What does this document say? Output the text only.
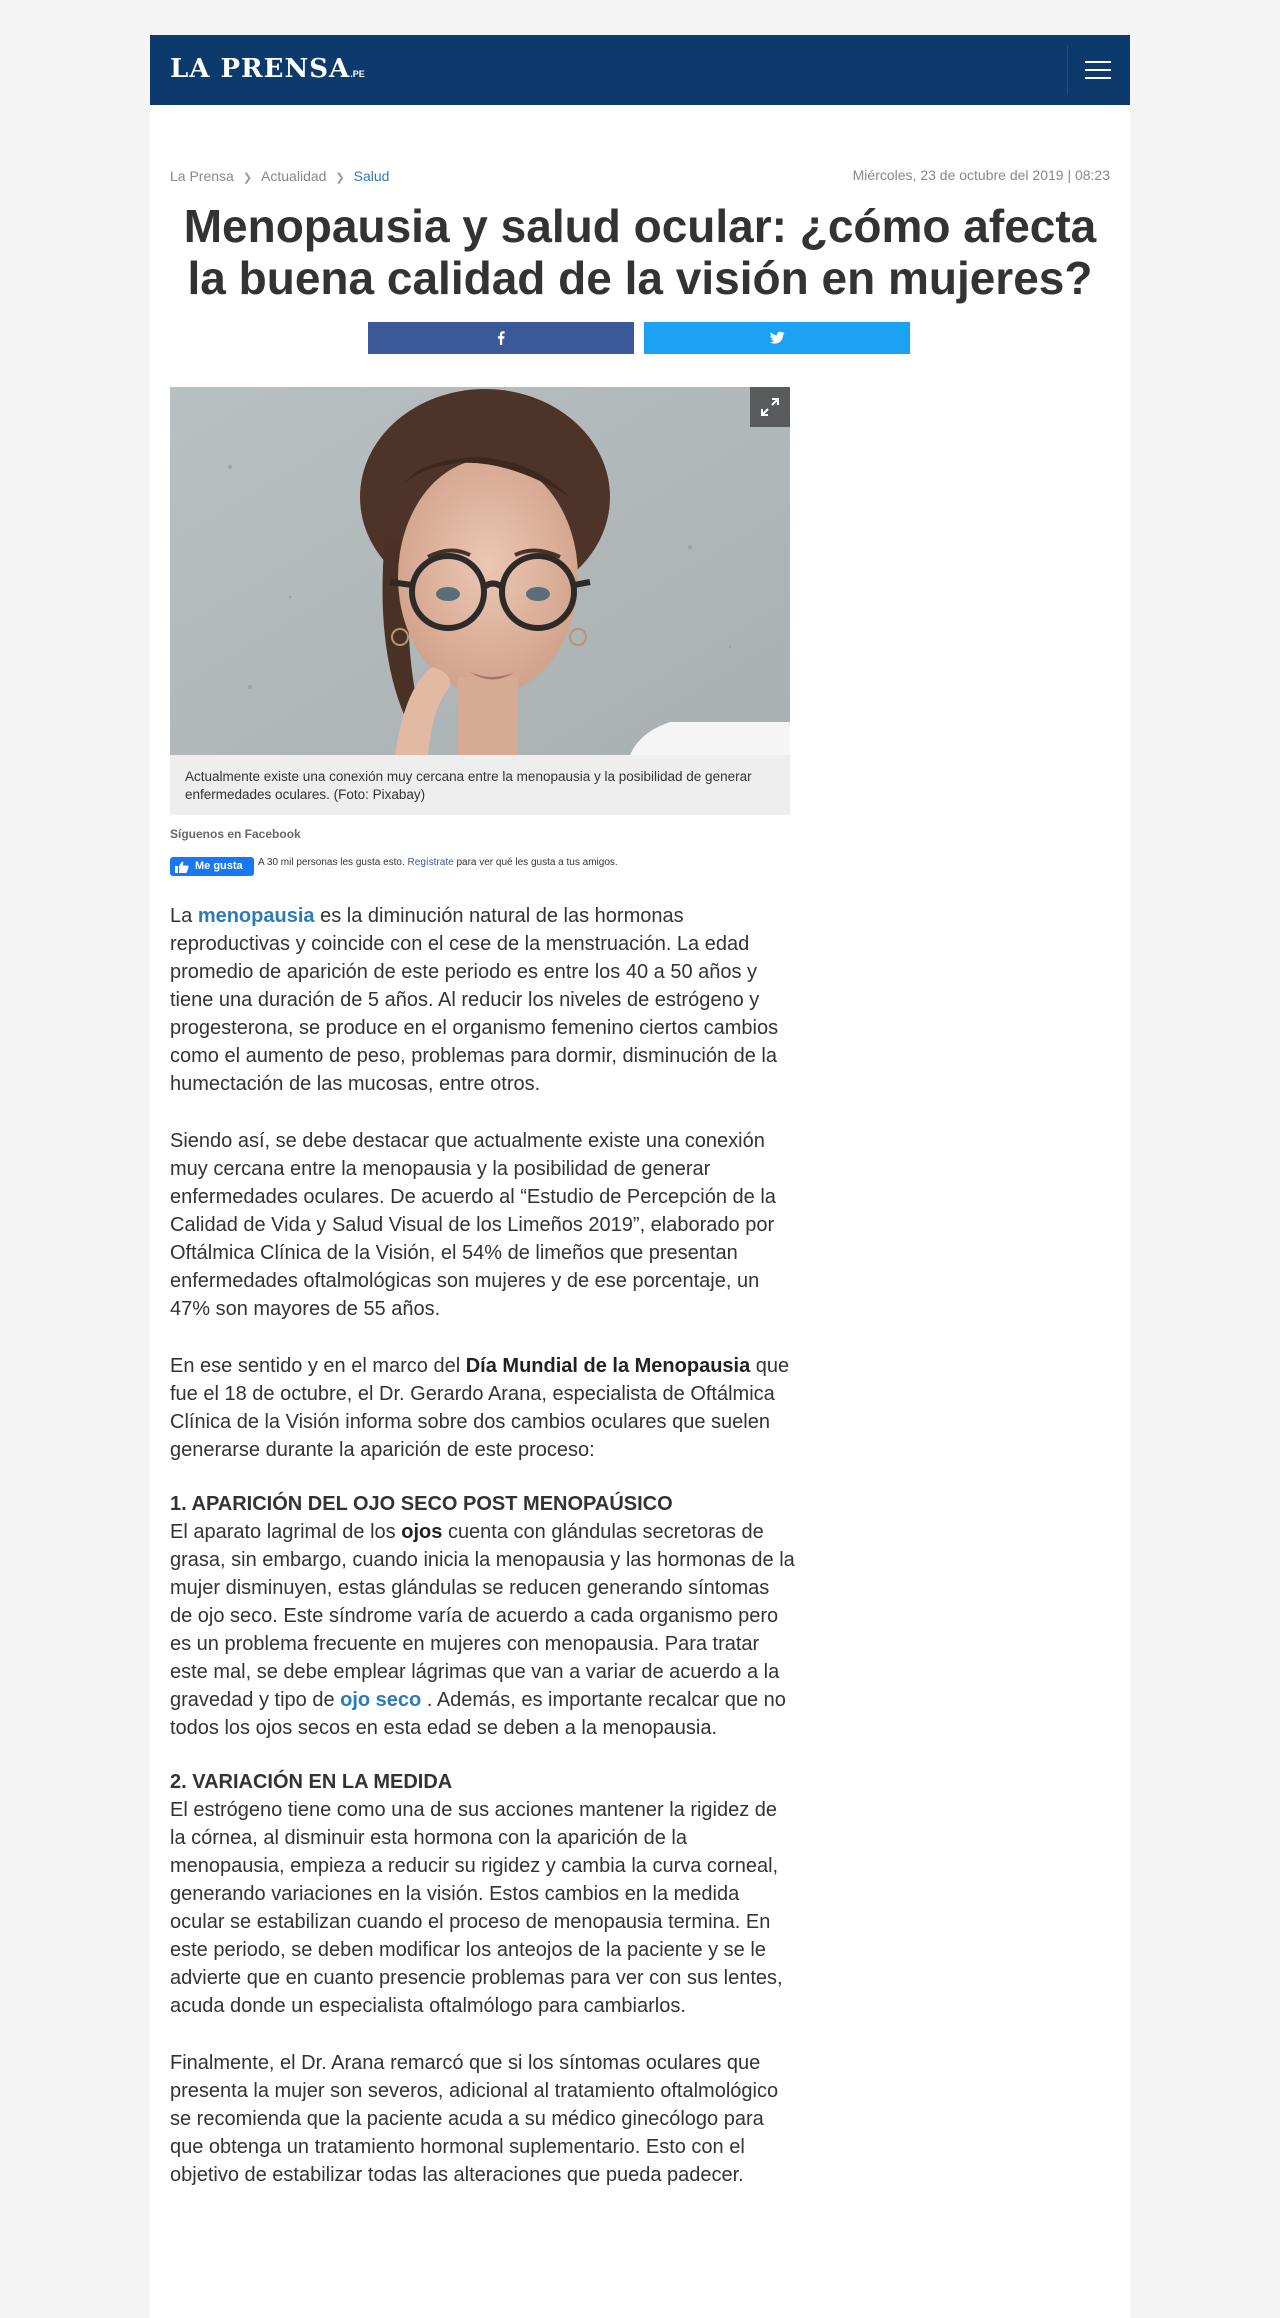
LA PRENSA.PE
La Prensa ❯ Actualidad ❯ Salud	Miércoles, 23 de octubre del 2019 | 08:23
Menopausia y salud ocular: ¿cómo afecta la buena calidad de la visión en mujeres?
Actualmente existe una conexión muy cercana entre la menopausia y la posibilidad de generar enfermedades oculares. (Foto: Pixabay)
Síguenos en Facebook
Me gusta A 30 mil personas les gusta esto. Regístrate para ver qué les gusta a tus amigos.

La menopausia es la diminución natural de las hormonas reproductivas y coincide con el cese de la menstruación. La edad promedio de aparición de este periodo es entre los 40 a 50 años y tiene una duración de 5 años. Al reducir los niveles de estrógeno y progesterona, se produce en el organismo femenino ciertos cambios como el aumento de peso, problemas para dormir, disminución de la humectación de las mucosas, entre otros.

Siendo así, se debe destacar que actualmente existe una conexión muy cercana entre la menopausia y la posibilidad de generar enfermedades oculares. De acuerdo al “Estudio de Percepción de la Calidad de Vida y Salud Visual de los Limeños 2019”, elaborado por Oftálmica Clínica de la Visión, el 54% de limeños que presentan enfermedades oftalmológicas son mujeres y de ese porcentaje, un 47% son mayores de 55 años.

En ese sentido y en el marco del Día Mundial de la Menopausia que fue el 18 de octubre, el Dr. Gerardo Arana, especialista de Oftálmica Clínica de la Visión informa sobre dos cambios oculares que suelen generarse durante la aparición de este proceso:

1. APARICIÓN DEL OJO SECO POST MENOPAÚSICO

El aparato lagrimal de los ojos cuenta con glándulas secretoras de grasa, sin embargo, cuando inicia la menopausia y las hormonas de la mujer disminuyen, estas glándulas se reducen generando síntomas de ojo seco. Este síndrome varía de acuerdo a cada organismo pero es un problema frecuente en mujeres con menopausia. Para tratar este mal, se debe emplear lágrimas que van a variar de acuerdo a la gravedad y tipo de ojo seco . Además, es importante recalcar que no todos los ojos secos en esta edad se deben a la menopausia.

2. VARIACIÓN EN LA MEDIDA

El estrógeno tiene como una de sus acciones mantener la rigidez de la córnea, al disminuir esta hormona con la aparición de la menopausia, empieza a reducir su rigidez y cambia la curva corneal, generando variaciones en la visión. Estos cambios en la medida ocular se estabilizan cuando el proceso de menopausia termina. En este periodo, se deben modificar los anteojos de la paciente y se le advierte que en cuanto presencie problemas para ver con sus lentes, acuda donde un especialista oftalmólogo para cambiarlos.

Finalmente, el Dr. Arana remarcó que si los síntomas oculares que presenta la mujer son severos, adicional al tratamiento oftalmológico se recomienda que la paciente acuda a su médico ginecólogo para que obtenga un tratamiento hormonal suplementario. Esto con el objetivo de estabilizar todas las alteraciones que pueda padecer.
